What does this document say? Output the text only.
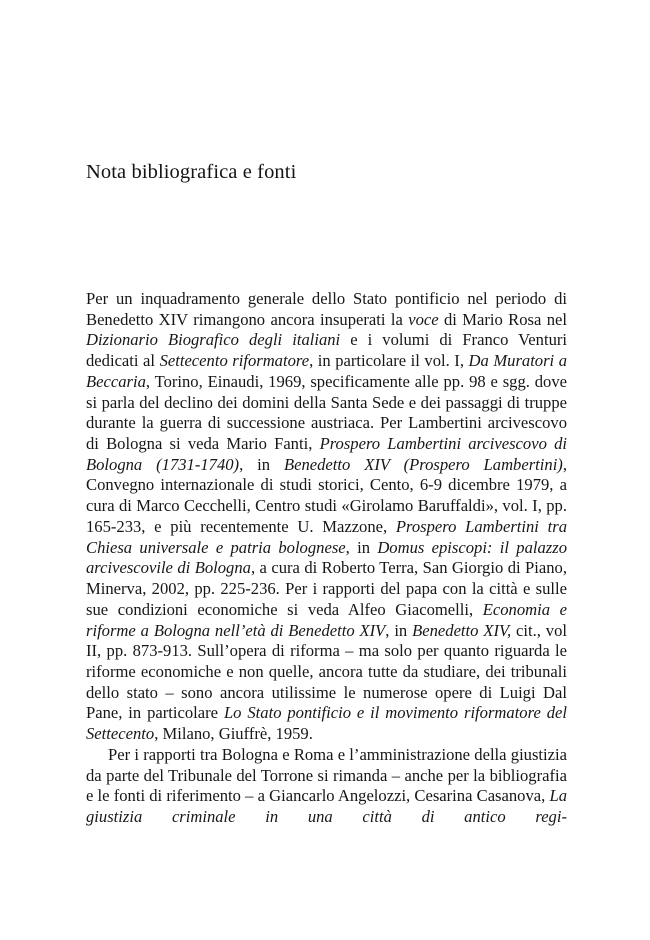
Nota bibliografica e fonti

Per un inquadramento generale dello Stato pontificio nel periodo di Benedetto XIV rimangono ancora insuperati la voce di Mario Rosa nel Dizionario Biografico degli italiani e i volumi di Franco Venturi dedicati al Settecento riformatore, in particolare il vol. I, Da Muratori a Beccaria, Torino, Einaudi, 1969, specificamente alle pp. 98 e sgg. dove si parla del declino dei domini della Santa Sede e dei passaggi di truppe durante la guerra di successione austriaca. Per Lambertini arcivescovo di Bologna si veda Mario Fanti, Prospero Lambertini arcivescovo di Bologna (1731-1740), in Benedetto XIV (Prospero Lambertini), Convegno internazionale di studi storici, Cento, 6-9 dicembre 1979, a cura di Marco Cecchelli, Centro studi «Girolamo Baruffaldi», vol. I, pp. 165-233, e più recentemente U. Mazzone, Prospero Lambertini tra Chiesa universale e patria bolognese, in Domus episcopi: il palazzo arcivescovile di Bologna, a cura di Roberto Terra, San Giorgio di Piano, Minerva, 2002, pp. 225-236. Per i rapporti del papa con la città e sulle sue condizioni economiche si veda Alfeo Giacomelli, Economia e riforme a Bologna nell’età di Benedetto XIV, in Benedetto XIV, cit., vol II, pp. 873-913. Sull’opera di riforma – ma solo per quanto riguarda le riforme economiche e non quelle, ancora tutte da studiare, dei tribunali dello stato – sono ancora utilissime le numerose opere di Luigi Dal Pane, in particolare Lo Stato pontificio e il movimento riformatore del Settecento, Milano, Giuffrè, 1959.

Per i rapporti tra Bologna e Roma e l’amministrazione della giustizia da parte del Tribunale del Torrone si rimanda – anche per la bibliografia e le fonti di riferimento – a Giancarlo Angelozzi, Cesarina Casanova, La giustizia criminale in una città di antico regi-
